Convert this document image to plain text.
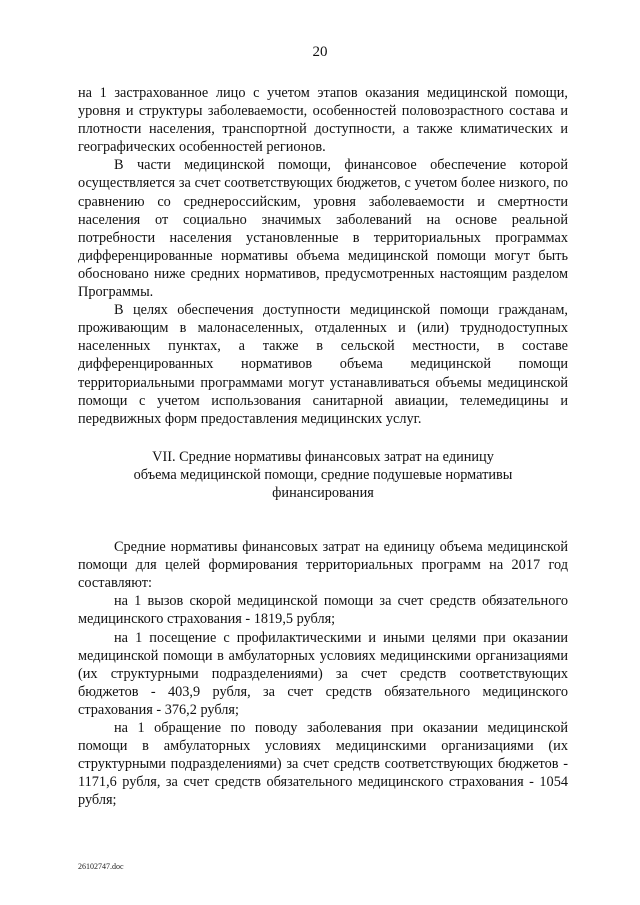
20

на 1 застрахованное лицо с учетом этапов оказания медицинской помощи, уровня и структуры заболеваемости, особенностей половозрастного состава и плотности населения, транспортной доступности, а также климатических и географических особенностей регионов.

В части медицинской помощи, финансовое обеспечение которой осуществляется за счет соответствующих бюджетов, с учетом более низкого, по сравнению со среднероссийским, уровня заболеваемости и смертности населения от социально значимых заболеваний на основе реальной потребности населения установленные в территориальных программах дифференцированные нормативы объема медицинской помощи могут быть обосновано ниже средних нормативов, предусмотренных настоящим разделом Программы.

В целях обеспечения доступности медицинской помощи гражданам, проживающим в малонаселенных, отдаленных и (или) труднодоступных населенных пунктах, а также в сельской местности, в составе дифференцированных нормативов объема медицинской помощи территориальными программами могут устанавливаться объемы медицинской помощи с учетом использования санитарной авиации, телемедицины и передвижных форм предоставления медицинских услуг.

VII. Средние нормативы финансовых затрат на единицу
объема медицинской помощи, средние подушевые нормативы
финансирования

Средние нормативы финансовых затрат на единицу объема медицинской помощи для целей формирования территориальных программ на 2017 год составляют:

на 1 вызов скорой медицинской помощи за счет средств обязательного медицинского страхования - 1819,5 рубля;

на 1 посещение с профилактическими и иными целями при оказании медицинской помощи в амбулаторных условиях медицинскими организациями (их структурными подразделениями) за счет средств соответствующих бюджетов - 403,9 рубля, за счет средств обязательного медицинского страхования - 376,2 рубля;

на 1 обращение по поводу заболевания при оказании медицинской помощи в амбулаторных условиях медицинскими организациями (их структурными подразделениями) за счет средств соответствующих бюджетов - 1171,6 рубля, за счет средств обязательного медицинского страхования - 1054 рубля;

26102747.doc
